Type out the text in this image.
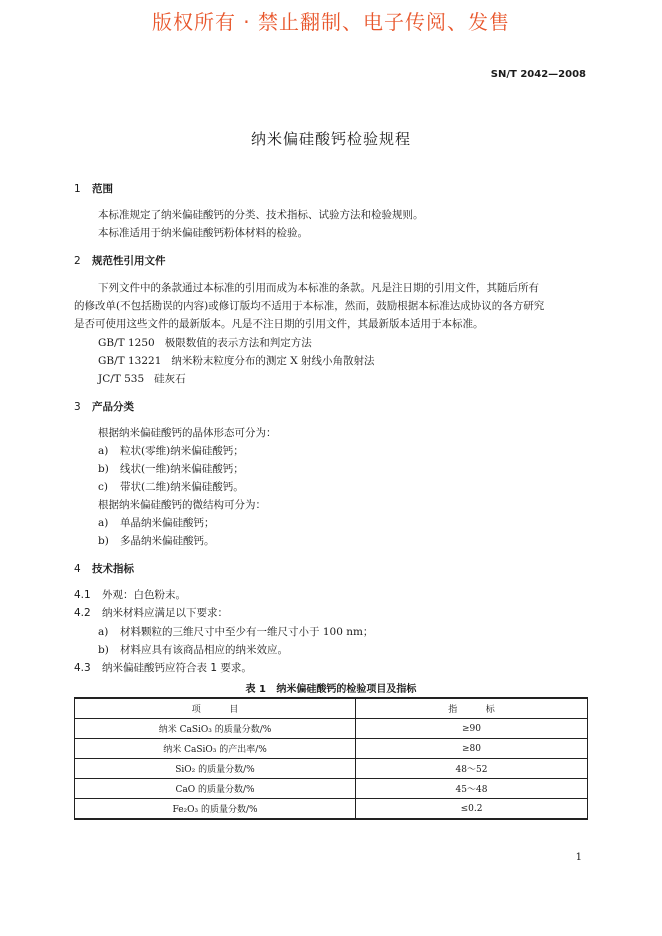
版权所有 · 禁止翻制、电子传阅、发售
SN/T 2042—2008
纳米偏硅酸钙检验规程
1 范围
本标准规定了纳米偏硅酸钙的分类、技术指标、试验方法和检验规则。
本标准适用于纳米偏硅酸钙粉体材料的检验。
2 规范性引用文件
下列文件中的条款通过本标准的引用而成为本标准的条款。凡是注日期的引用文件，其随后所有
的修改单(不包括勘误的内容)或修订版均不适用于本标准，然而，鼓励根据本标准达成协议的各方研究
是否可使用这些文件的最新版本。凡是不注日期的引用文件，其最新版本适用于本标准。
GB/T 1250   极限数值的表示方法和判定方法
GB/T 13221   纳米粉末粒度分布的测定 X 射线小角散射法
JC/T 535   硅灰石
3 产品分类
根据纳米偏硅酸钙的晶体形态可分为：
a) 粒状(零维)纳米偏硅酸钙；
b) 线状(一维)纳米偏硅酸钙；
c) 带状(二维)纳米偏硅酸钙。
根据纳米偏硅酸钙的微结构可分为：
a) 单晶纳米偏硅酸钙；
b) 多晶纳米偏硅酸钙。
4 技术指标
4.1 外观：白色粉末。
4.2 纳米材料应满足以下要求：
a) 材料颗粒的三维尺寸中至少有一维尺寸小于 100 nm；
b) 材料应具有该商品相应的纳米效应。
4.3 纳米偏硅酸钙应符合表 1 要求。
表 1   纳米偏硅酸钙的检验项目及指标
项          目	指          标
纳米 CaSiO₃ 的质量分数/%	≥90
纳米 CaSiO₃ 的产出率/%	≥80
SiO₂ 的质量分数/%	48～52
CaO 的质量分数/%	45～48
Fe₂O₃ 的质量分数/%	≤0.2
1
